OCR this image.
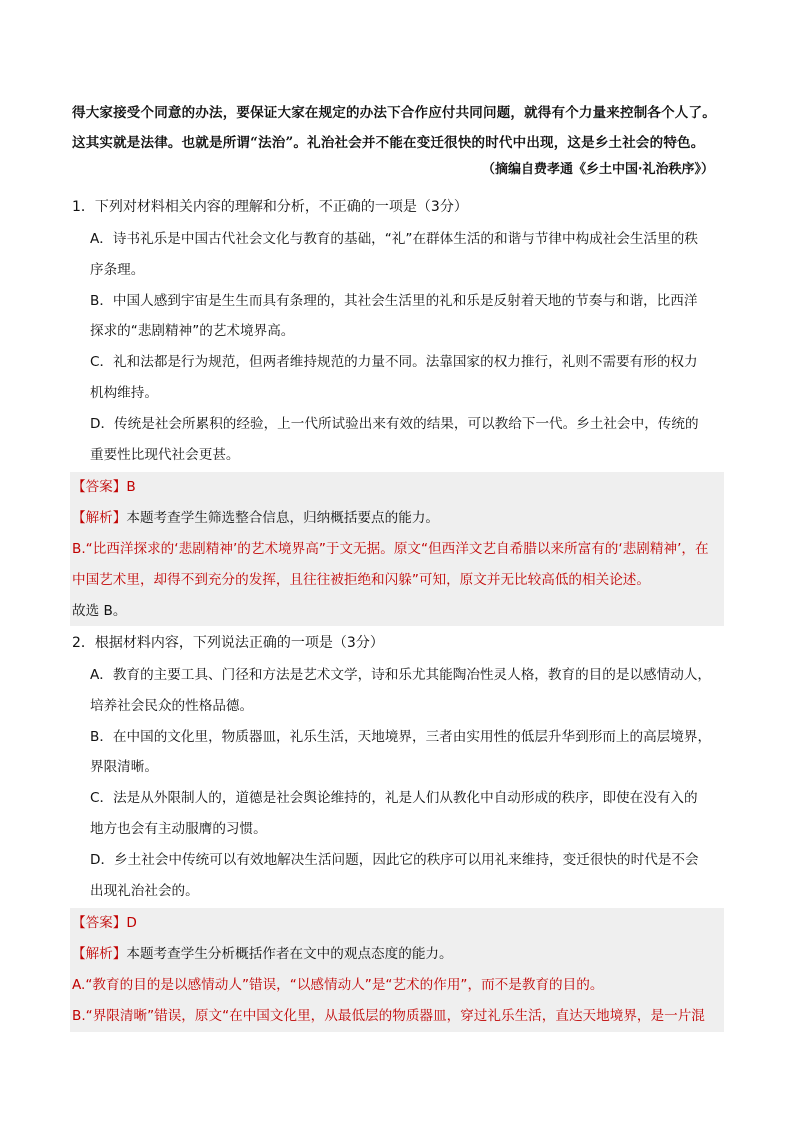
得大家接受个同意的办法，要保证大家在规定的办法下合作应付共同问题，就得有个力量来控制各个人了。
这其实就是法律。也就是所谓“法治”。礼治社会并不能在变迁很快的时代中出现，这是乡土社会的特色。
（摘编自费孝通《乡土中国·礼治秩序》）
1．下列对材料相关内容的理解和分析，不正确的一项是（3分）
A．诗书礼乐是中国古代社会文化与教育的基础，“礼”在群体生活的和谐与节律中构成社会生活里的秩
序条理。
B．中国人感到宇宙是生生而具有条理的，其社会生活里的礼和乐是反射着天地的节奏与和谐，比西洋
探求的“悲剧精神”的艺术境界高。
C．礼和法都是行为规范，但两者维持规范的力量不同。法靠国家的权力推行，礼则不需要有形的权力
机构维持。
D．传统是社会所累积的经验，上一代所试验出来有效的结果，可以教给下一代。乡土社会中，传统的
重要性比现代社会更甚。
【答案】B
【解析】本题考查学生筛选整合信息，归纳概括要点的能力。
B.“比西洋探求的‘悲剧精神’的艺术境界高”于文无据。原文“但西洋文艺自希腊以来所富有的‘悲剧精神’，在
中国艺术里，却得不到充分的发挥，且往往被拒绝和闪躲”可知，原文并无比较高低的相关论述。
故选 B。
2．根据材料内容，下列说法正确的一项是（3分）
A．教育的主要工具、门径和方法是艺术文学，诗和乐尤其能陶冶性灵人格，教育的目的是以感情动人，
培养社会民众的性格品德。
B．在中国的文化里，物质器皿，礼乐生活，天地境界，三者由实用性的低层升华到形而上的高层境界，
界限清晰。
C．法是从外限制人的，道德是社会舆论维持的，礼是人们从教化中自动形成的秩序，即使在没有入的
地方也会有主动服膺的习惯。
D．乡土社会中传统可以有效地解决生活问题，因此它的秩序可以用礼来维持，变迁很快的时代是不会
出现礼治社会的。
【答案】D
【解析】本题考查学生分析概括作者在文中的观点态度的能力。
A.“教育的目的是以感情动人”错误，“以感情动人”是“艺术的作用”，而不是教育的目的。
B.“界限清晰”错误，原文“在中国文化里，从最低层的物质器皿，穿过礼乐生活，直达天地境界，是一片混
